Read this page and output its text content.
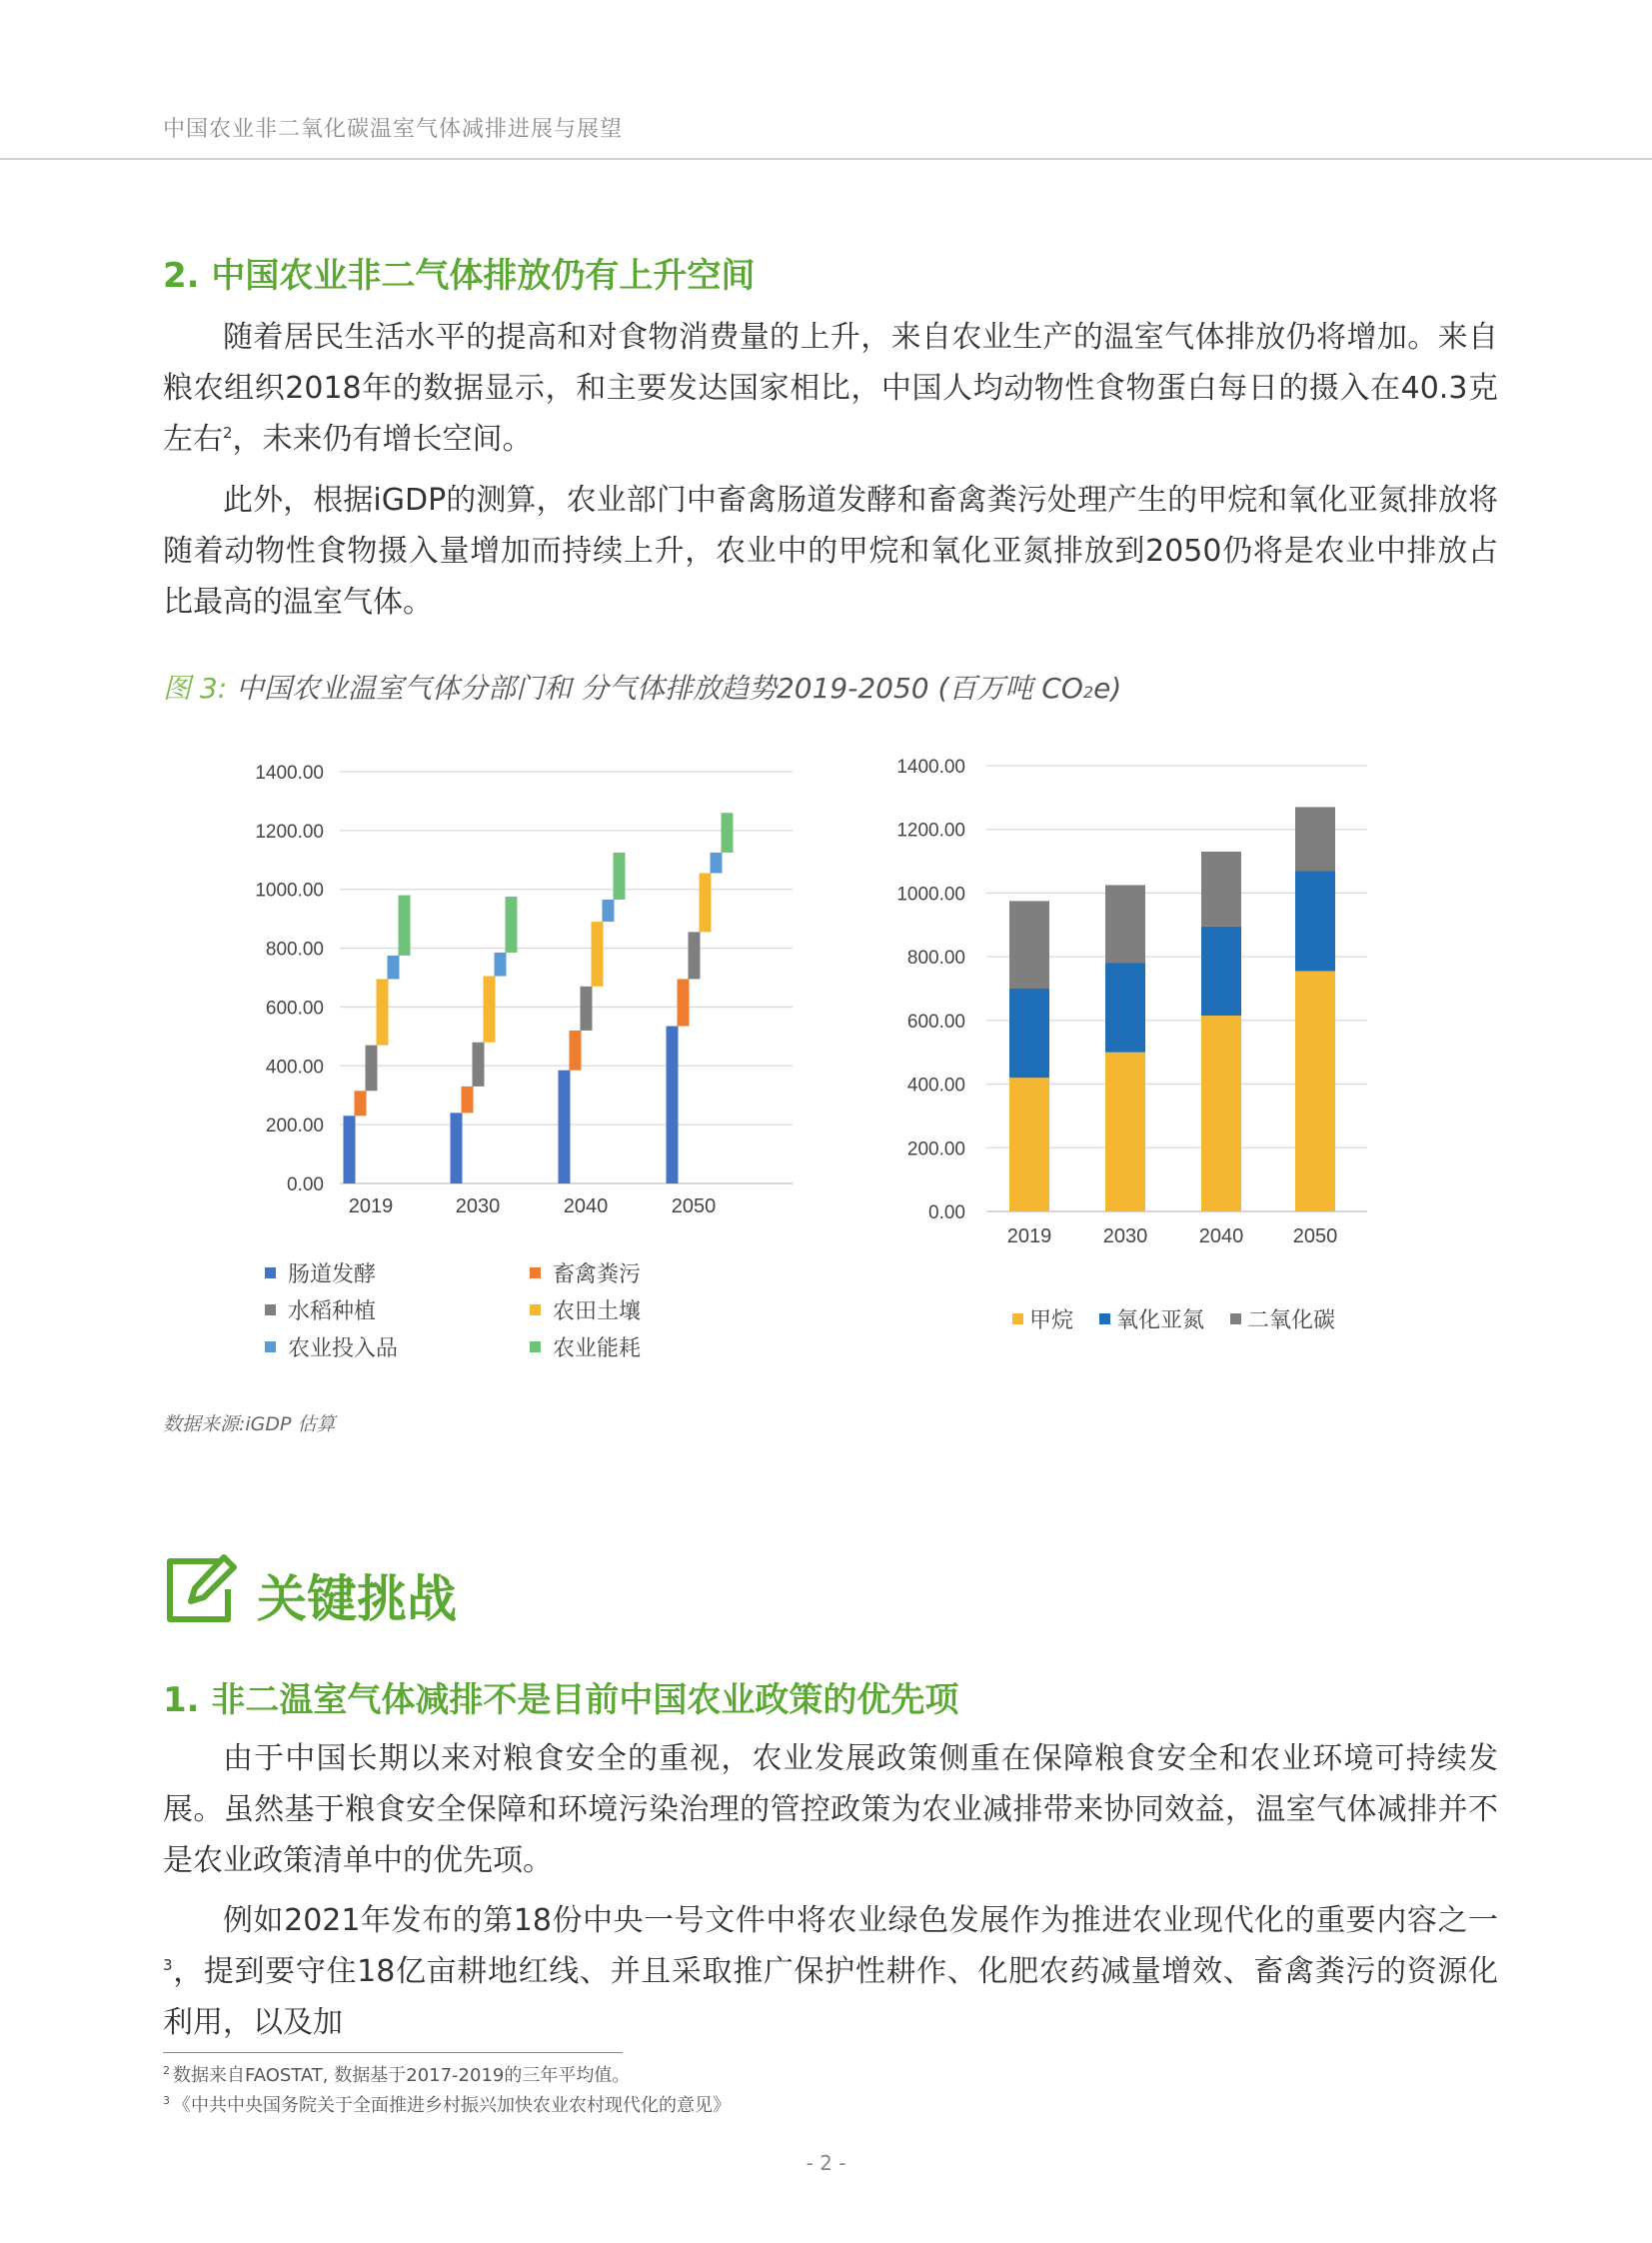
中国农业非二氧化碳温室气体减排进展与展望
2. 中国农业非二气体排放仍有上升空间

随着居民生活水平的提高和对食物消费量的上升，来自农业生产的温室气体排放仍将增加。来自粮农组织2018年的数据显示，和主要发达国家相比，中国人均动物性食物蛋白每日的摄入在40.3克左右$^2$，未来仍有增长空间。

此外，根据iGDP的测算，农业部门中畜禽肠道发酵和畜禽粪污处理产生的甲烷和氧化亚氮排放将随着动物性食物摄入量增加而持续上升，农业中的甲烷和氧化亚氮排放到2050仍将是农业中排放占比最高的温室气体。

图 3: 中国农业温室气体分部门和 分气体排放趋势2019-2050 (百万吨 CO2e)
0.00
200.00
400.00
600.00
800.00
1000.00
1200.00
1400.00
2019	2030	2040	2050	0.00
200.00
400.00
600.00
800.00
1000.00
1200.00
1400.00
2019	2030	2040 2050
肠道发酵	畜禽粪污
水稻种植	农田土壤
农业投入品	农业能耗
甲烷 氧化亚氮 二氧化碳
数据来源:iGDP 估算
关键挑战
1. 非二温室气体减排不是目前中国农业政策的优先项

由于中国长期以来对粮食安全的重视，农业发展政策侧重在保障粮食安全和农业环境可持续发展。虽然基于粮食安全保障和环境污染治理的管控政策为农业减排带来协同效益，温室气体减排并不是农业政策清单中的优先项。

例如2021年发布的第18份中央一号文件中将农业绿色发展作为推进农业现代化的重要内容之一$^3$，提到要守住18亿亩耕地红线、并且采取推广保护性耕作、化肥农药减量增效、畜禽粪污的资源化利用，以及加

$^2$ 数据来自FAOSTAT, 数据基于2017-2019的三年平均值。
$^3$ 《中共中央国务院关于全面推进乡村振兴加快农业农村现代化的意见》
- 2 -
